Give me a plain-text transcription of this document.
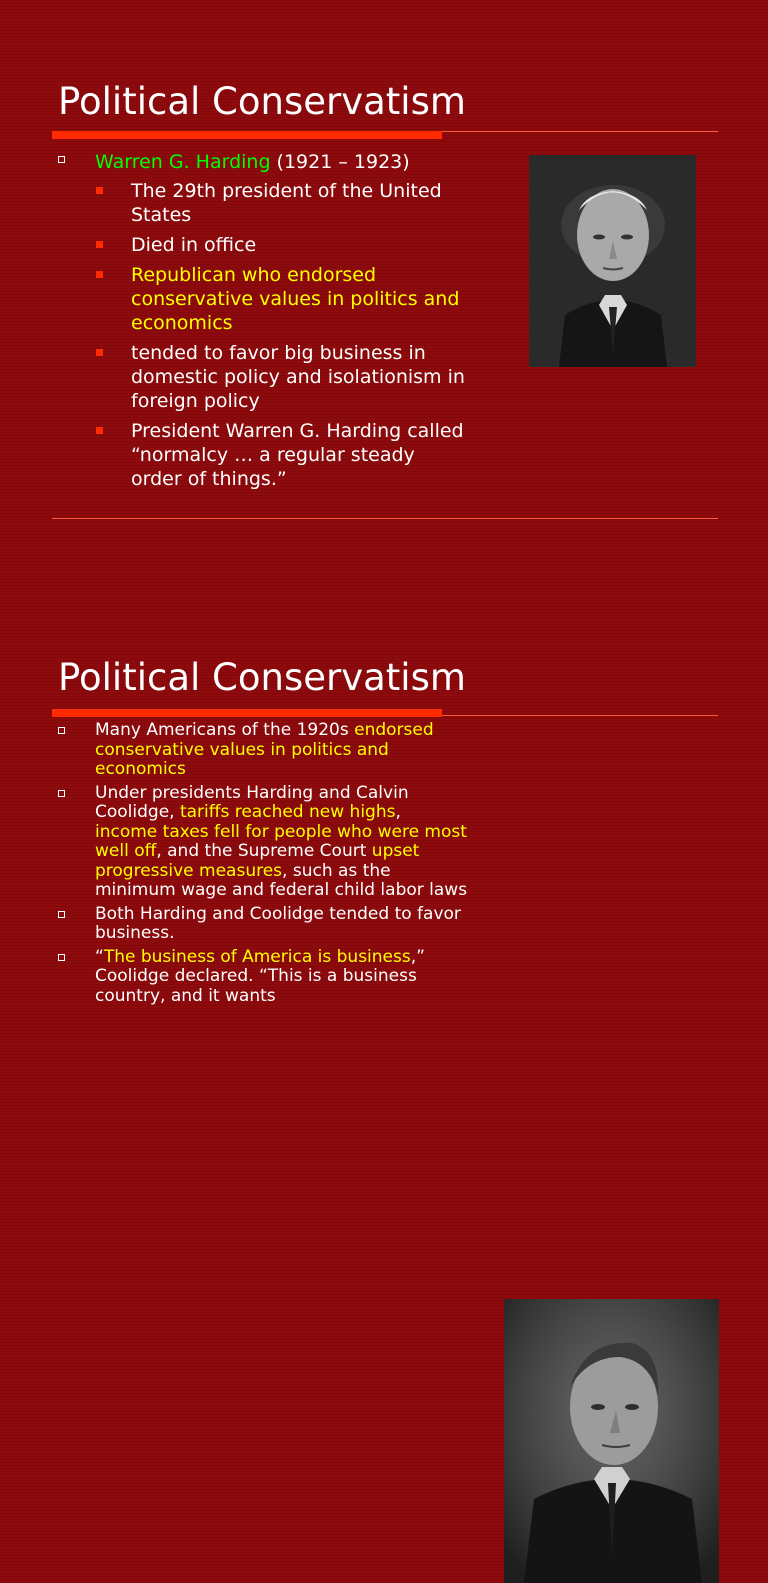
Political Conservatism
Warren G. Harding (1921 – 1923)
The 29th president of the United States
Died in office
Republican who endorsed conservative values in politics and economics
tended to favor big business in domestic policy and isolationism in foreign policy
President Warren G. Harding called “normalcy … a regular steady order of things.”
Political Conservatism
Many Americans of the 1920s endorsed conservative values in politics and economics
Under presidents Harding and Calvin Coolidge, tariffs reached new highs, income taxes fell for people who were most well off, and the Supreme Court upset progressive measures, such as the minimum wage and federal child labor laws
Both Harding and Coolidge tended to favor business.
“The business of America is business,” Coolidge declared. “This is a business country, and it wants
